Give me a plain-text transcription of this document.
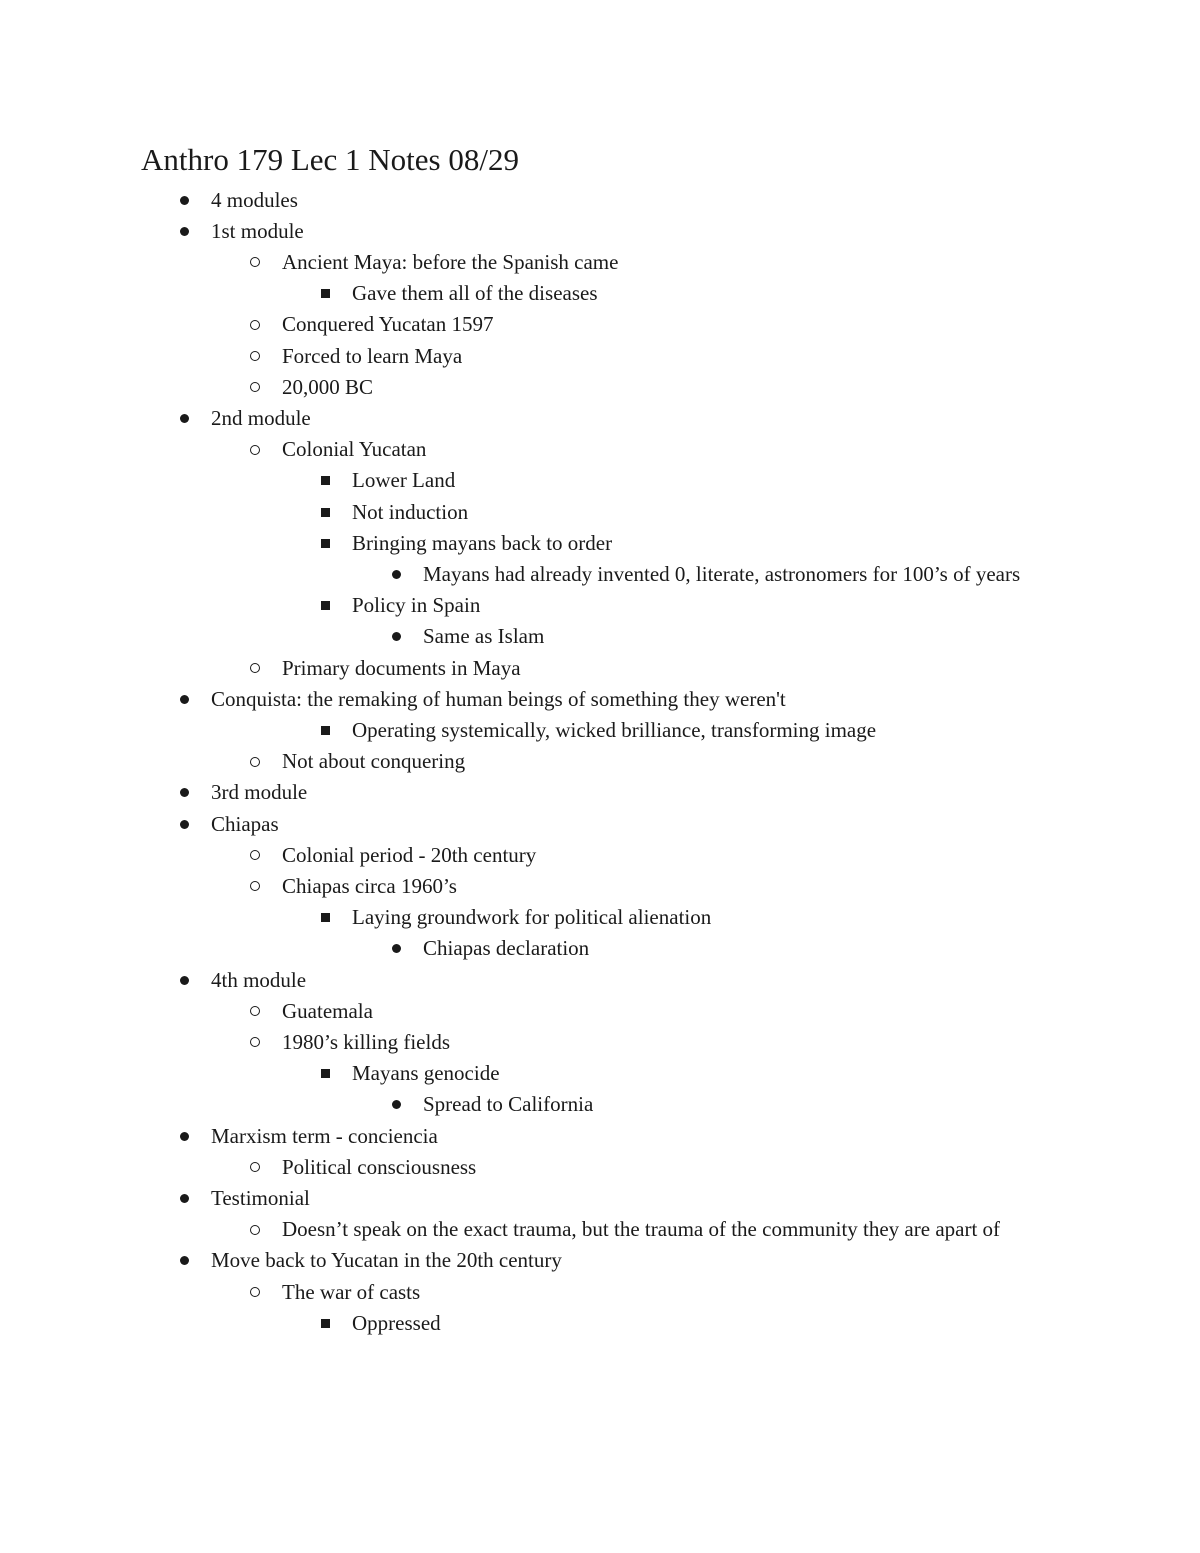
Anthro 179 Lec 1 Notes 08/29
4 modules
1st module
Ancient Maya: before the Spanish came
Gave them all of the diseases
Conquered Yucatan 1597
Forced to learn Maya
20,000 BC
2nd module
Colonial Yucatan
Lower Land
Not induction
Bringing mayans back to order
Mayans had already invented 0, literate, astronomers for 100’s of years
Policy in Spain
Same as Islam
Primary documents in Maya
Conquista: the remaking of human beings of something they weren't
Operating systemically, wicked brilliance, transforming image
Not about conquering
3rd module
Chiapas
Colonial period - 20th century
Chiapas circa 1960’s
Laying groundwork for political alienation
Chiapas declaration
4th module
Guatemala
1980’s killing fields
Mayans genocide
Spread to California
Marxism term - conciencia
Political consciousness
Testimonial
Doesn’t speak on the exact trauma, but the trauma of the community they are apart of
Move back to Yucatan in the 20th century
The war of casts
Oppressed
